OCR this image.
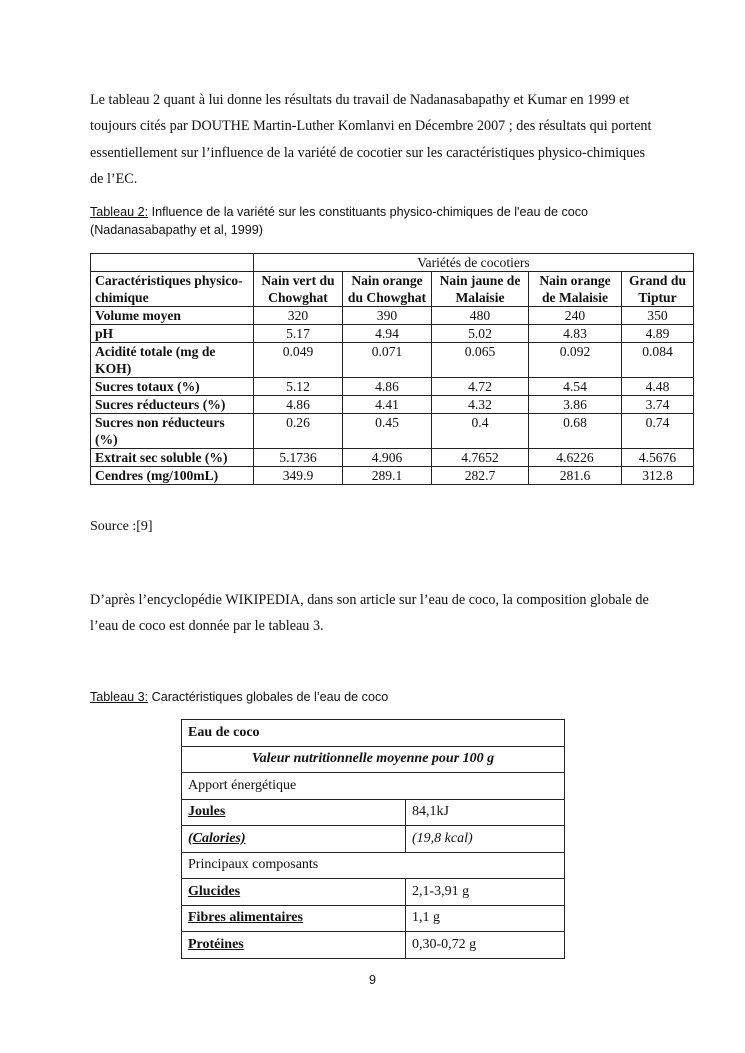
Le tableau 2 quant à lui donne les résultats du travail de Nadanasabapathy et Kumar en 1999 et toujours cités par DOUTHE Martin-Luther Komlanvi en Décembre 2007 ; des résultats qui portent essentiellement sur l’influence de la variété de cocotier sur les caractéristiques physico-chimiques de l’EC.

Tableau 2: Influence de la variété sur les constituants physico-chimiques de l'eau de coco (Nadanasabapathy et al, 1999)

	Variétés de cocotiers				
Caractéristiques physico-chimique	Nain vert du Chowghat	Nain orange du Chowghat	Nain jaune de Malaisie	Nain orange de Malaisie	Grand du Tiptur
Volume moyen	320	390	480	240	350
pH	5.17	4.94	5.02	4.83	4.89
Acidité totale (mg de KOH)	0.049	0.071	0.065	0.092	0.084
Sucres totaux (%)	5.12	4.86	4.72	4.54	4.48
Sucres réducteurs (%)	4.86	4.41	4.32	3.86	3.74
Sucres non réducteurs (%)	0.26	0.45	0.4	0.68	0.74
Extrait sec soluble (%)	5.1736	4.906	4.7652	4.6226	4.5676
Cendres (mg/100mL)	349.9	289.1	282.7	281.6	312.8

Source :[9]

D’après l’encyclopédie WIKIPEDIA, dans son article sur l’eau de coco, la composition globale de l’eau de coco est donnée par le tableau 3.

Tableau 3: Caractéristiques globales de l’eau de coco

Eau de coco	
Valeur nutritionnelle moyenne pour 100 g	
Apport énergétique	
Joules	84,1kJ
(Calories)	(19,8 kcal)
Principaux composants	
Glucides	2,1-3,91 g
Fibres alimentaires	1,1 g
Protéines	0,30-0,72 g
9
